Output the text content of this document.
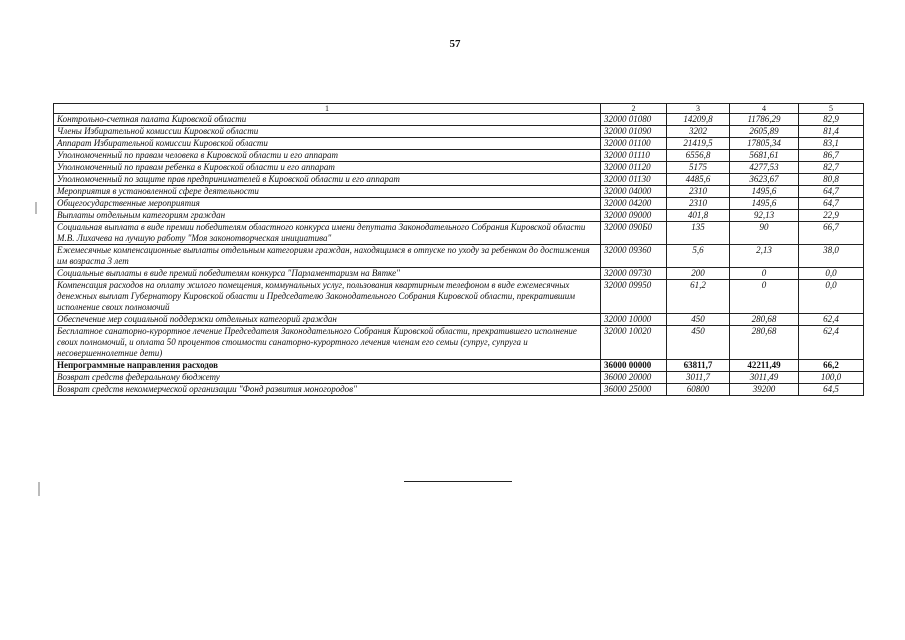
57
1	2	3	4	5
Контрольно-счетная палата Кировской области	32000 01080	14209,8	11786,29	82,9
Члены Избирательной комиссии Кировской области	32000 01090	3202	2605,89	81,4
Аппарат Избирательной комиссии Кировской области	32000 01100	21419,5	17805,34	83,1
Уполномоченный по правам человека в Кировской области и его аппарат	32000 01110	6556,8	5681,61	86,7
Уполномоченный по правам ребенка в Кировской области и его аппарат	32000 01120	5175	4277,53	82,7
Уполномоченный по защите прав предпринимателей в Кировской области и его аппарат	32000 01130	4485,6	3623,67	80,8
Мероприятия в установленной сфере деятельности	32000 04000	2310	1495,6	64,7
Общегосударственные мероприятия	32000 04200	2310	1495,6	64,7
Выплаты отдельным категориям граждан	32000 09000	401,8	92,13	22,9
Социальная выплата в виде премии победителям областного конкурса имени депутата Законодательного Собрания Кировской области М.В. Лихачева на лучшую работу "Моя законотворческая инициатива"	32000 090Б0	135	90	66,7
Ежемесячные компенсационные выплаты отдельным категориям граждан, находящимся в отпуске по уходу за ребенком до достижения им возраста 3 лет	32000 09360	5,6	2,13	38,0
Социальные выплаты в виде премий победителям конкурса "Парламентаризм на Вятке"	32000 09730	200	0	0,0
Компенсация расходов на оплату жилого помещения, коммунальных услуг, пользования квартирным телефоном в виде ежемесячных денежных выплат Губернатору Кировской области и Председателю Законодательного Собрания Кировской области, прекратившим исполнение своих полномочий	32000 09950	61,2	0	0,0
Обеспечение мер социальной поддержки отдельных категорий граждан	32000 10000	450	280,68	62,4
Бесплатное санаторно-курортное лечение Председателя Законодательного Собрания Кировской области, прекратившего исполнение своих полномочий, и оплата 50 процентов стоимости санаторно-курортного лечения членам его семьи (супруг, супруга и несовершеннолетние дети)	32000 10020	450	280,68	62,4
Непрограммные направления расходов	36000 00000	63811,7	42211,49	66,2
Возврат средств федеральному бюджету	36000 20000	3011,7	3011,49	100,0
Возврат средств некоммерческой организации "Фонд развития моногородов"	36000 25000	60800	39200	64,5
